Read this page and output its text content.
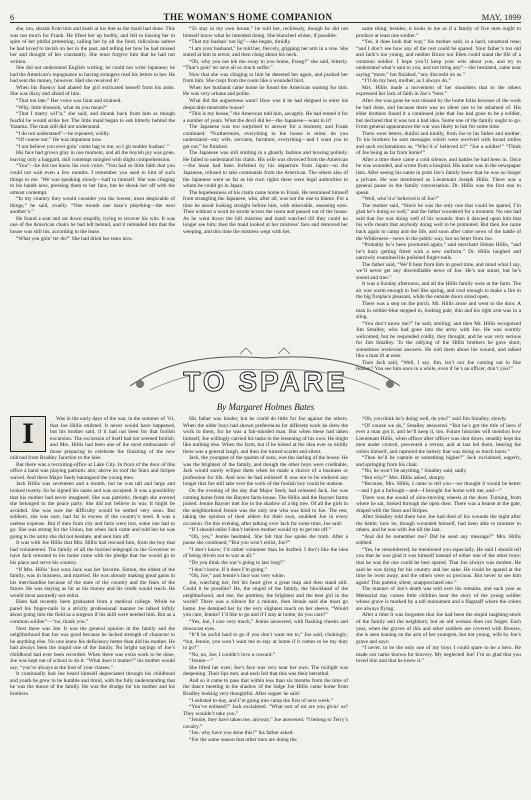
6	THE WOMAN'S HOME COMPANION	MAY, 1899

she, too, shrank from him and knelt at his feet as the maid had done. This was too much for Frank. He lifted her up bodily, and fell to kissing her in spite of her pitiful protesting, calling her by all the fond, ridiculous names he had loved to lavish on her in the past, and telling her how he had missed her and thought of her constantly. She must forgive him that he had not written.

She did not understand English writing; he could not write Japanese; he had the American's repugnance to having strangers read his letters to her. He had sent the money, however. Had she received it?

When his fluency had abated the girl extricated herself from his arms. She was dizzy and afraid of him.

“That too late.” Her voice was faint and strained.

“Why, little blossom, what do you mean?”

“That I marry wif’n,” she said, and shrank back from him as though fearful he would strike her. The little maid began to sob bitterly behind the Yasama. The man still did not understand.

“I do not understand”—he repeated, wildly.

“Of course not.” He was impatient now.

“I not believe you ever goin’ come hag to me, so I git nodder husban’.”

His face had grown gray in one moment, and all the boyish joy was gone, leaving only a haggard, dull contempt mingled with slight comprehension.

“You”—he did not know his own voice. “You had so little faith that you could not wait even a few months. I remember you used to hint of such things to me. ‘We was speaking slowly—half to himself. She was clinging to his hands now, pressing them to her face, but he shook her off with the utmost contempt.

“In my country they would consider you the lowest, most despicable of things,” he said, cruelly. “One month one man’s plaything—the next another’s.”

He found a seat and sat down stupidly, trying to recover his wits. It was one of the American chairs he had left behind, and it reminded him that the house was still his, according to the lease.

“What you goin’ ter do?” She had dried her tears now.

“To stay in my own house,” he told her, recklessly, though he did not himself know what he intended doing. She blanched whiter, if possible.

“That my husban’ not lig”—she began, timidly.

“I am your husband,” he told her, fiercely, gripping her arm in a vise. She stared at him in terror, and then clung about his neck.

“Oh, why you not tek me away to you home, Frang?” she said, bitterly. “That’s goin’ ter save all so much suffer.”

Now that she was clinging to him he detested her again, and pushed her from him. She crept from the room like a wounded bird.

When her husband came home he found the American waiting for him. He was very urbane and polite.

What did the augustness want? How was it he had deigned to enter his despicable miserable house?

“This is my house,” the American told him, savagely. He had rented it for a number of years. What the devil did he—the Japanese—want in it?

The Japanese was too surprised to answer for a moment, and Frank continued: “Furthermore, everything in the house is mine; do you understand—my wife, servants, furniture, everything—and I want you to get out,” he finished.

The Japanese was still smiling in a ghastly fashion and bowing politely. He failed to understand his claim. His wife was divorced from the American—the lease had been forfeited by his departure from Japan—so the Japanese, refused to take commands from the American. The others also of the Japanese went so far as his own rights there were legal authorities to whom he could go in Japan.

The hopelessness of his claim came home to Frank. He restrained himself from strangling the Japanese, who, after all, was not the one to blame. For a time he stood looking straight before him, with miserable, unseeing eyes. Then without a word he strode across the room and passed out of the house. As he went down the hill mistress and maid watched till they could no longer see him; then the maid looked at her mistress’ face and removed her weeping, and this time the mistress wept with her.

same thing; besides, it looks to me as if a family of five men ought to produce at least one soldier.”

“Yes, it does look that way,” his mother said, in a hard, unnatural tone; “and I don’t see how any of the rest could be spared. Your father’s too old and Jack’s too young, and neither Bruce nor Eben could stand the life of a common soldier. I hope you’ll keep your wits about you, and try to understand what’s said to you, and not bring any”—she hesitated, came near saying “more,” but finished, “any discredit on us.”

“I’ll do my best, mother, as I always do.”

Mrs. Hillis made a movement of her shoulders that to the others expressed her lack of faith in Joe’s “best.”

After Joe was gone he was missed by the home folks because of the work he had done, and because there was no silent one to be ashamed of. His elder brothers found it a continued joke that Joe had gone to be a soldier, but declared that it was not a bad idea. Some one of the family ought to go. From general appearances the war was likely to last for some time.

There were letters, dutiful and kindly, from Joe to his father and mother. To his brothers he sent messages which were received with broad smiles and such exclamations as, “Who’d a’ believed it?” “Joe a soldier!” “Think of Joe being as far from home!”

After a time there came a cold silence, and battles he had been in. Once he was wounded, and wrote from a hospital. His name was in the newspaper lists. After seeing his name in print Joe’s family knew that he was no longer a private. He was mentioned as Lieutenant Joseph Hillis. There was a general pause in the family conversation. Dr. Hillis was the first one to speak.

“Well, who’d a’ believed it of Joe?”

The mother said, “Since he was the only one that could be spared, I’m glad he’s doing so well,” and the father wondered for a moment. No one had said that Joe was doing well of his wounds; then it dawned upon him that his wife meant that anybody doing well to be promoted. But then Joe came back again to camp and the life, and soon after came news of the battle of the Wilderness—news in the public way, but no letter from Joe.

“Probably he’s been promoted again,” said merchant Simon Hillis, “and he’s busy getting fitted with a new uniform.” Dr. Hillis laughed and narrowly examined his polished finger-nails.

The father said, “We’ll hear from him in good time, and mind what I say, we’ll never get any discreditable news of Joe. He’s not smart, but he’s sound and true.”

It was a Sunday afternoon, and all the Hillis family were at the farm. The air was warm enough to feel like spring, and cool enough to make a fire in the big fireplace pleasant, while the outside doors stood open.

There was a step on the porch. Mr. Hillis arose and went to the door. A man in soldier-blue stepped in, looking pale, thin and his right arm was in a sling.

“You don’t know me?” he said, smiling; and then Mr. Hillis recognized Jim Smalley, who had gone into the army with Joe. He was warmly welcomed, but he responded coldly, they thought, and he was very serious for Jim Smalley. To the rallying of the Hillis brothers he gave short, sometimes irrelevant answers. He told them about his wound, and talked like a man ill at ease.

Then Jack said, “Well, I say, Jim, isn’t our Joe coming out in fine feather? You see him once in a while, even if he’s an officer, don’t you?”

TO SPARE
By Margaret Holmes Bates
I	Was in the early days of the war, in the summer of ’61, that Joe Hillis enlisted. It never would have happened, but his mother said, if it had not been for that foolish excursion. The excursion of itself had not seemed foolish, and Mrs. Hillis had been one of the most enthusiastic of those preparing to celebrate the finishing of the new railroad from Bradley Junction to the lake.

But there was a recruiting-office at Lake City. In front of the door of this office a band was playing patriotic airs; above its roof the Stars and Stripes waved. And there Major Seely harangued the young men.

Jack Hillis was seventeen and a month, but he was tall and large and looked twenty. So he signed his name and was accepted. It was a possibility that his mother had never imagined. She was patriotic, though she averred she belonged to the peace party. She did not believe in war. It might be avoided. She was sure the difficulty would be settled very soon. But soldiers, she was sure, had far in excess of the country’s need. It was a useless expense. But if men from city and farm were lost, some one had to go. She was strong for the Union, but when Jack came and told her he was going to the army she did not hesitate, and sent him off.

It was with Joe Hillis that Mrs. Hillis had rescued him, from the boy that had volunteered. The family of all the hurried telegraph to the Governor to have Jack returned to his home came with the pledge that Joe would go in his place and serve his country.

“If Mrs. Hillis’ four sons Jack was her favorite. Simon, the oldest of the family, was in business, and married. He was already making great gains in his merchandise because of the state of the country and the fears of the future. He was staying as far as his money and his credit would reach. He would most assuredly not enlist.

Eben had recently been graduated from a medical college. While he pared his finger-nails in a strictly professional manner he talked loftily about going into the field as a surgeon if his skill were needed him. But as a common soldier”—“no, thank you.”

Next there was Joe. It was the general opinion in the family and the neighborhood that Joe was good because he lacked strength of character to be anything else. No one knew his deficiency better than did his mother. He had always been the stupid one of the family. No bright sayings of Joe’s childhood had ever been recorded. When there was extra work to be done, Joe was kept out of school to do it. “What does it matter?” his mother would say; “you’re always at the foot of your classes.”

It continually had Joe heard himself depreciated through his childhood and youth he grew to be humble and timid, with the fully understanding that he was the dunce of the family. He was the drudge for his mother and his brothers.

His father was kinder, but he could do little for Joe against the others. When the older boys had shown preferences for different work he drew the work to them, for he was a fair-minded man. But when these had taken himself, Joe willingly carried his tasks to the lessening of his own. He might like nothing else. When the farm, but if he hinted at the idea ever so mildly there was a general laugh, and then Joe turned scarlet and silent.

Jack, the youngest of the quartet of sons, was the darling of the house. He was the brightest of the family, and though the other boys were creditable, Jack would surely eclipse them when he made a choice of a business or profession for life. And now he had enlisted! It was not to be endured any longer that Joe still take over the work of the foolish boy could be undone.

On the evening of the day that Major Seely had released Jack, Joe was coming home from the Bayner farm-house. The Hillis and the Bayner farms joined. Jennie Bayner met Joe in the shadow of a big tree. Of all the girls in the neighborhood Jennie was the only one who was kind to Joe. The rest, taking the opinion of their elders for their own, snubbed Joe in every occasion. On this evening, after talking over Jack for some time, Joe said:

“If I should enlist I don’t believe mother would try to get me off.”

“Oh, yes,” Jennie hesitated. She felt that Joe spoke the truth. After a pause she continued, “But you won’t enlist, Joe?”

“I don’t know; I’d rather volunteer than be drafted. I don’t like the idea of being driven out to war at all.”

“Do you think the war’s going to last long?”

“I don’t know. If it does I’m going.”

“Oh, Joe,” and Jennie’s face was very white.

Joe, watching her, felt his heart give a great leap and then stand still. Could it be possible? He, the stupid of the family, the blockhead of the neighborhood, and she, the prettiest, the brightest and the best girl in the world? There was a silence for a minute, then Jennie said she must go home. Joe detained her by the very slightest touch on her sleeve. “Would you care, Jennie? I’d like to go and if I stay at home, do you care?”

“Yes, Joe, I care very much,” Jennie answered, with flashing cheeks and downcast eyes.

“It’ll be awful hard to go if you don’t want me to,” Joe said, chokingly; “but, Jennie, you won’t want me to stay at home if it comes to be my duty to go?”

“No, no, Joe; I couldn’t love a coward.”

“Jennie—”

She lifted her eyes; Joe’s face was very near her own. The twilight was deepening. Their lips met, and each felt that this was their betrothal.

And so it came to pass that within less than six months from the time of the dance meeting in the shadow of the lodge Joe Hillis came home from Bradley looking very thoughtful. After supper he said:

“I enlisted to-day, and I’m going into camp the first of next week.”

“You’ve enlisted?” Jack exclaimed. “What sort of rot are you givin’ us? They wouldn’t take you.”

“Jennie, they have taken me, anyway,” Joe answered. “I belong to Terry’s cavalry.”

“Joe, why have you done this?” his father asked.

“For the same reason that other men are doing the

“Oh, you think he’s doing well, do you?” said Jim Smalley, slowly.

“Of course we do,” Smalley answered. “But he’s got the title of hero if ever a man got it, and he’ll keep it, too. Future histories will mention how Lieutenant Hillis, when officer after officer was shot down, steadily kept the men under control, prevented a retreat, and at last led them, bearing the colors himself, and captured the battery that was doing so much harm.”

“Then he’ll be captain or something higher?” Jack exclaimed, eagerly, and springing from his chair.

“No, he won’t be anything,” Smalley said, sadly.

“But why?” Mrs. Hillis asked, sharply.

“Because, Mrs. Hillis, I came to tell you—we thought it would be better—and I got a furlough—and—I brought Joe home with me, and—”

There was the sound of slow-moving wheels at the door. Turning, from where he sat, looked through the open door. There was a hearse at the gate, draped with the Stars and Stripes.

After Smalley told them how Joe had died of his wounds the night after the battle; how he, though wounded himself, had been able to minister to others, and he was with Joe till the last.

“And did he remember me? Did he send any message?” Mrs. Hillis sobbed.

“Yes, he remembered; he mentioned you especially. He said I should tell you that he was glad it was himself instead of either one of the other boys; that he was the one could be best spared. That Joe always was modest. He said he was dying for his country and her sake. He could be spared at the time he went away, and the others were so precious. But never to see him again! This patient, silent, unappreciated one.”

The manner of Joe’s death was told over his remains, and each year as Memorial day comes little children bear the story of the young soldier whose grave is marked by a tall monument and a flagstaff where the colors are always flying.

After a time it was forgotten that Joe had been the stupid laughing-stock of the family and the neighbors; but an old woman does not forget. Each year, when the graves of this and other soldiers are covered with flowers, she is seen leaning on the arm of her youngest, but not young, wife by Joe’s grave and says:

“I never, to be the only one of my boys I could spare to be a hero. He made our name known for bravery. My neglected Joe! I’m so glad that you loved him and that he knew it.”
